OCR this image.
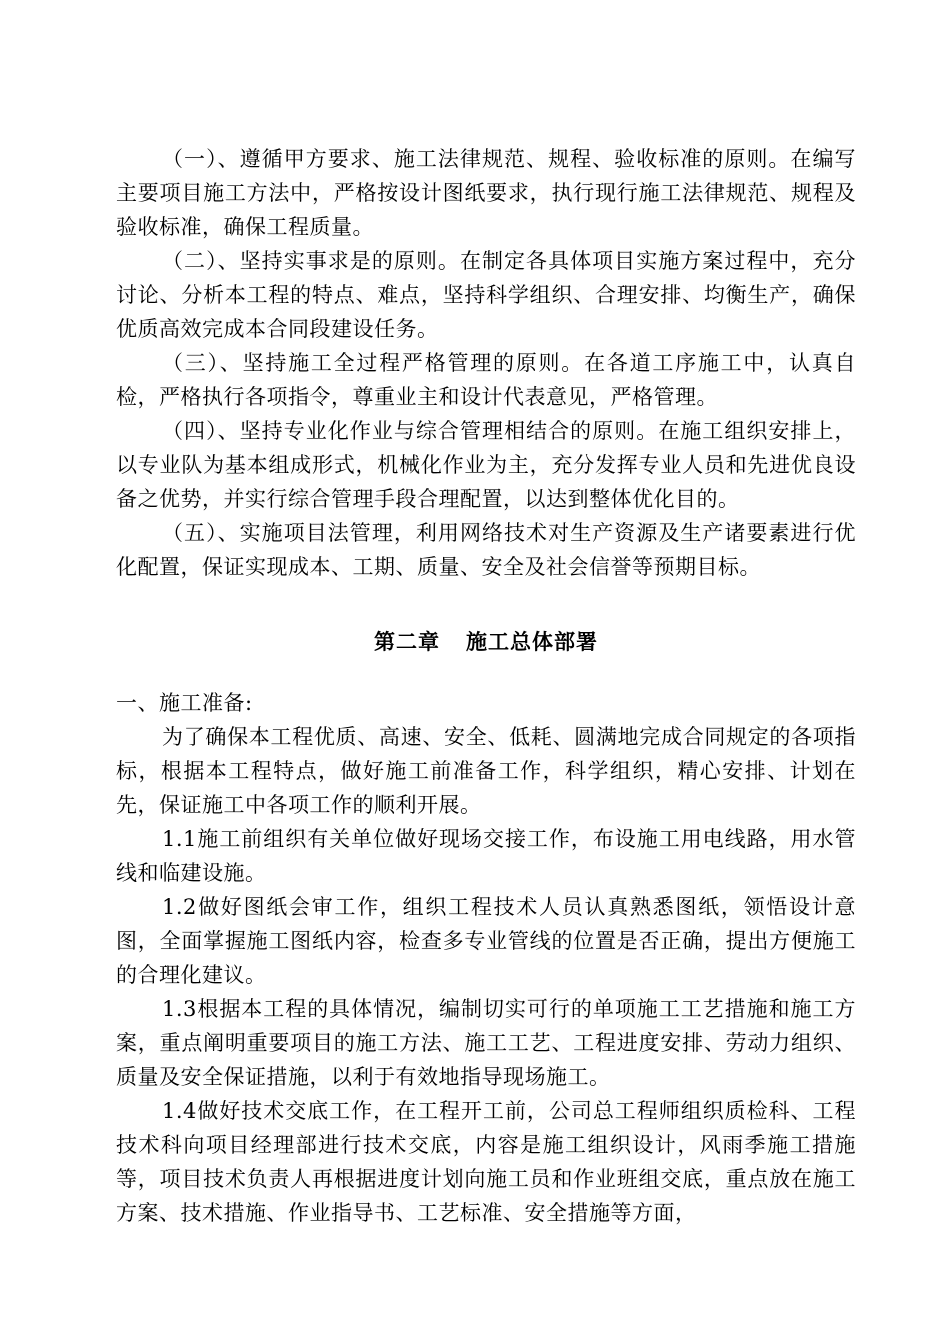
（一）、遵循甲方要求、施工法律规范、规程、验收标准的原则。在编写主要项目施工方法中，严格按设计图纸要求，执行现行施工法律规范、规程及验收标准，确保工程质量。

（二）、坚持实事求是的原则。在制定各具体项目实施方案过程中，充分讨论、分析本工程的特点、难点，坚持科学组织、合理安排、均衡生产，确保优质高效完成本合同段建设任务。

（三）、坚持施工全过程严格管理的原则。在各道工序施工中，认真自检，严格执行各项指令，尊重业主和设计代表意见，严格管理。

（四）、坚持专业化作业与综合管理相结合的原则。在施工组织安排上，以专业队为基本组成形式，机械化作业为主，充分发挥专业人员和先进优良设备之优势，并实行综合管理手段合理配置，以达到整体优化目的。

（五）、实施项目法管理，利用网络技术对生产资源及生产诸要素进行优化配置，保证实现成本、工期、质量、安全及社会信誉等预期目标。

第二章 施工总体部署

一、施工准备:

为了确保本工程优质、高速、安全、低耗、圆满地完成合同规定的各项指标，根据本工程特点，做好施工前准备工作，科学组织，精心安排、计划在先，保证施工中各项工作的顺利开展。

1.1施工前组织有关单位做好现场交接工作，布设施工用电线路，用水管线和临建设施。

1.2做好图纸会审工作，组织工程技术人员认真熟悉图纸，领悟设计意图，全面掌握施工图纸内容，检查多专业管线的位置是否正确，提出方便施工的合理化建议。

1.3根据本工程的具体情况，编制切实可行的单项施工工艺措施和施工方案，重点阐明重要项目的施工方法、施工工艺、工程进度安排、劳动力组织、质量及安全保证措施，以利于有效地指导现场施工。

1.4做好技术交底工作，在工程开工前，公司总工程师组织质检科、工程技术科向项目经理部进行技术交底，内容是施工组织设计，风雨季施工措施等，项目技术负责人再根据进度计划向施工员和作业班组交底，重点放在施工方案、技术措施、作业指导书、工艺标准、安全措施等方面，
